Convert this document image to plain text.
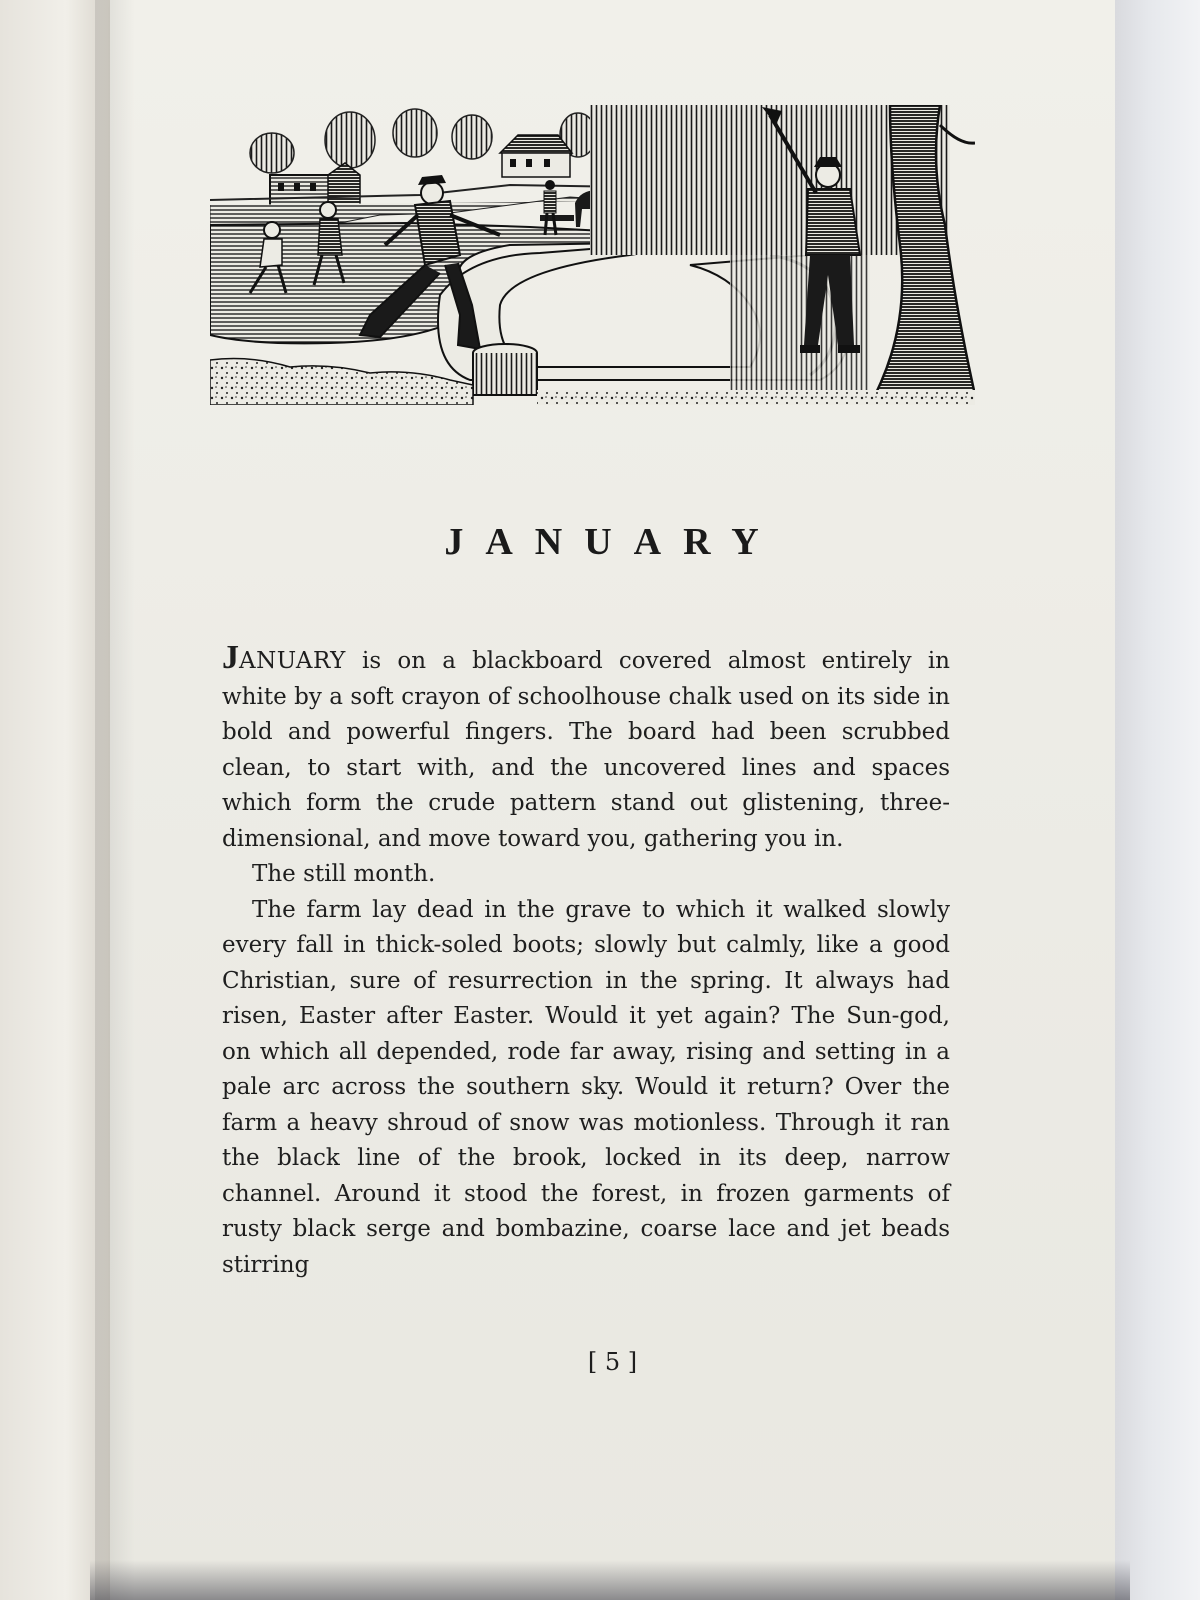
JANUARY

JANUARY is on a blackboard covered almost entirely in white by a soft crayon of schoolhouse chalk used on its side in bold and powerful fingers. The board had been scrubbed clean, to start with, and the uncovered lines and spaces which form the crude pattern stand out glistening, three-dimensional, and move toward you, gathering you in.

The still month.

The farm lay dead in the grave to which it walked slowly every fall in thick-soled boots; slowly but calmly, like a good Christian, sure of resurrection in the spring. It always had risen, Easter after Easter. Would it yet again? The Sun-god, on which all depended, rode far away, rising and setting in a pale arc across the southern sky. Would it return? Over the farm a heavy shroud of snow was motionless. Through it ran the black line of the brook, locked in its deep, narrow channel. Around it stood the forest, in frozen garments of rusty black serge and bombazine, coarse lace and jet beads stirring

[ 5 ]
